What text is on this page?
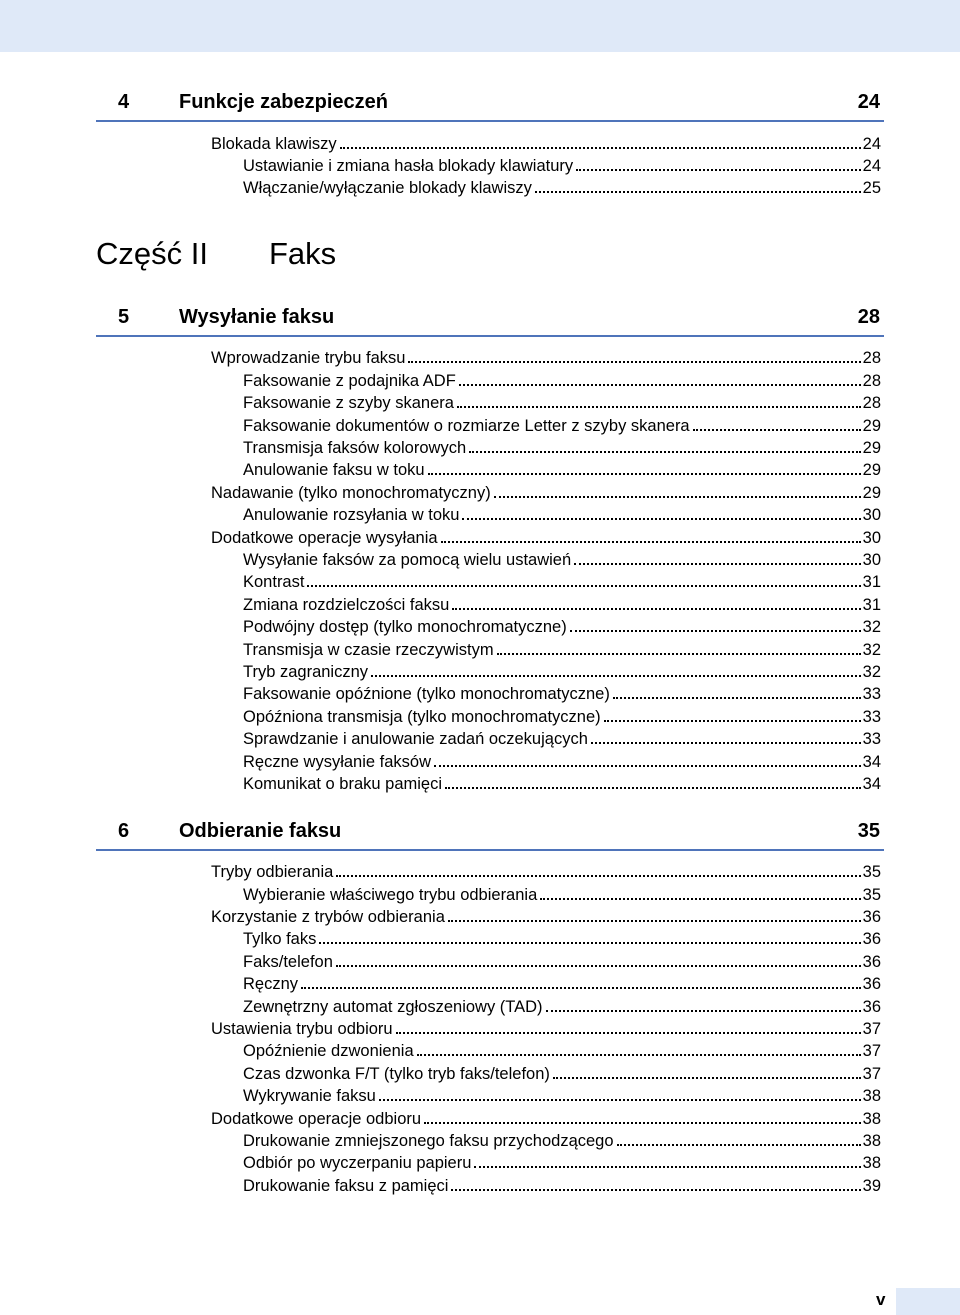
4 Funkcje zabezpieczeń	24
Blokada klawiszy	24
Ustawianie i zmiana hasła blokady klawiatury	24
Włączanie/wyłączanie blokady klawiszy	25
Część II Faks
5 Wysyłanie faksu	28
Wprowadzanie trybu faksu	28
Faksowanie z podajnika ADF	28
Faksowanie z szyby skanera	28
Faksowanie dokumentów o rozmiarze Letter z szyby skanera	29
Transmisja faksów kolorowych	29
Anulowanie faksu w toku	29
Nadawanie (tylko monochromatyczny)	29
Anulowanie rozsyłania w toku	30
Dodatkowe operacje wysyłania	30
Wysyłanie faksów za pomocą wielu ustawień	30
Kontrast	31
Zmiana rozdzielczości faksu	31
Podwójny dostęp (tylko monochromatyczne)	32
Transmisja w czasie rzeczywistym	32
Tryb zagraniczny	32
Faksowanie opóźnione (tylko monochromatyczne)	33
Opóźniona transmisja (tylko monochromatyczne)	33
Sprawdzanie i anulowanie zadań oczekujących	33
Ręczne wysyłanie faksów	34
Komunikat o braku pamięci	34
6 Odbieranie faksu	35
Tryby odbierania	35
Wybieranie właściwego trybu odbierania	35
Korzystanie z trybów odbierania	36
Tylko faks	36
Faks/telefon	36
Ręczny	36
Zewnętrzny automat zgłoszeniowy (TAD)	36
Ustawienia trybu odbioru	37
Opóźnienie dzwonienia	37
Czas dzwonka F/T (tylko tryb faks/telefon)	37
Wykrywanie faksu	38
Dodatkowe operacje odbioru	38
Drukowanie zmniejszonego faksu przychodzącego	38
Odbiór po wyczerpaniu papieru	38
Drukowanie faksu z pamięci	39
v
